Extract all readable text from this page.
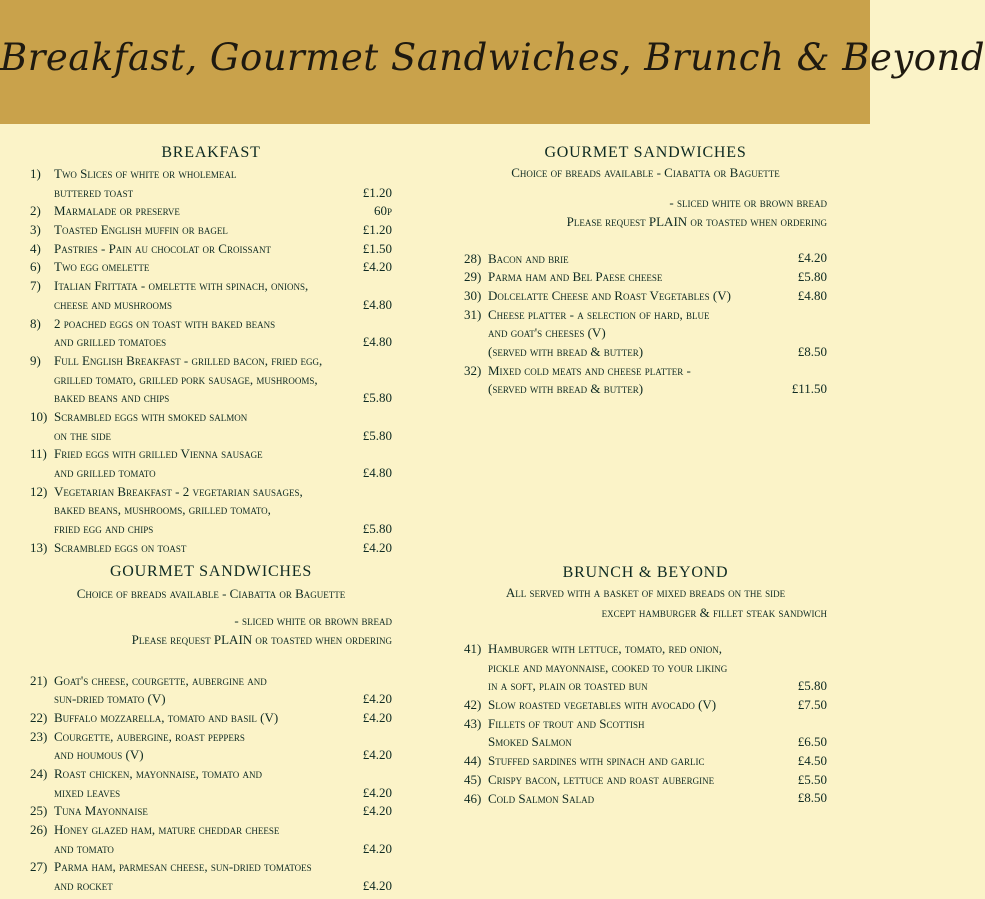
Breakfast, Gourmet Sandwiches, Brunch & Beyond
BREAKFAST
1) Two Slices of white or wholemeal
buttered toast	£1.20
2) Marmalade or preserve	60p
3) Toasted English muffin or bagel	£1.20
4) Pastries - Pain au chocolat or Croissant	£1.50
6) Two egg omelette	£4.20
7) Italian Frittata - omelette with spinach, onions,
cheese and mushrooms	£4.80
8) 2 poached eggs on toast with baked beans
and grilled tomatoes	£4.80
9) Full English Breakfast - grilled bacon, fried egg,
grilled tomato, grilled pork sausage, mushrooms,
baked beans and chips	£5.80
10) Scrambled eggs with smoked salmon
on the side	£5.80
11) Fried eggs with grilled Vienna sausage
and grilled tomato	£4.80
12) Vegetarian Breakfast - 2 vegetarian sausages,
baked beans, mushrooms, grilled tomato,
fried egg and chips	£5.80
13) Scrambled eggs on toast	£4.20
GOURMET SANDWICHES
Choice of breads available - Ciabatta or Baguette
- sliced white or brown bread
Please request PLAIN or toasted when ordering
21) Goat's cheese, courgette, aubergine and
sun-dried tomato (V)	£4.20
22) Buffalo mozzarella, tomato and basil (V)	£4.20
23) Courgette, aubergine, roast peppers
and houmous (V)	£4.20
24) Roast chicken, mayonnaise, tomato and
mixed leaves	£4.20
25) Tuna Mayonnaise	£4.20
26) Honey glazed ham, mature cheddar cheese
and tomato	£4.20
27) Parma ham, parmesan cheese, sun-dried tomatoes
and rocket	£4.20
GOURMET SANDWICHES
Choice of breads available - Ciabatta or Baguette
- sliced white or brown bread
Please request PLAIN or toasted when ordering
28) Bacon and brie	£4.20
29) Parma ham and Bel Paese cheese	£5.80
30) Dolcelatte Cheese and Roast Vegetables (V)	£4.80
31) Cheese platter - a selection of hard, blue
and goat's cheeses (V)
(served with bread & butter)	£8.50
32) Mixed cold meats and cheese platter -
(served with bread & butter)	£11.50
BRUNCH & BEYOND
All served with a basket of mixed breads on the side
except hamburger & fillet steak sandwich
41) Hamburger with lettuce, tomato, red onion,
pickle and mayonnaise, cooked to your liking
in a soft, plain or toasted bun	£5.80
42) Slow roasted vegetables with avocado (V)	£7.50
43) Fillets of trout and Scottish
Smoked Salmon	£6.50
44) Stuffed sardines with spinach and garlic	£4.50
45) Crispy bacon, lettuce and roast aubergine	£5.50
46) Cold Salmon Salad	£8.50
